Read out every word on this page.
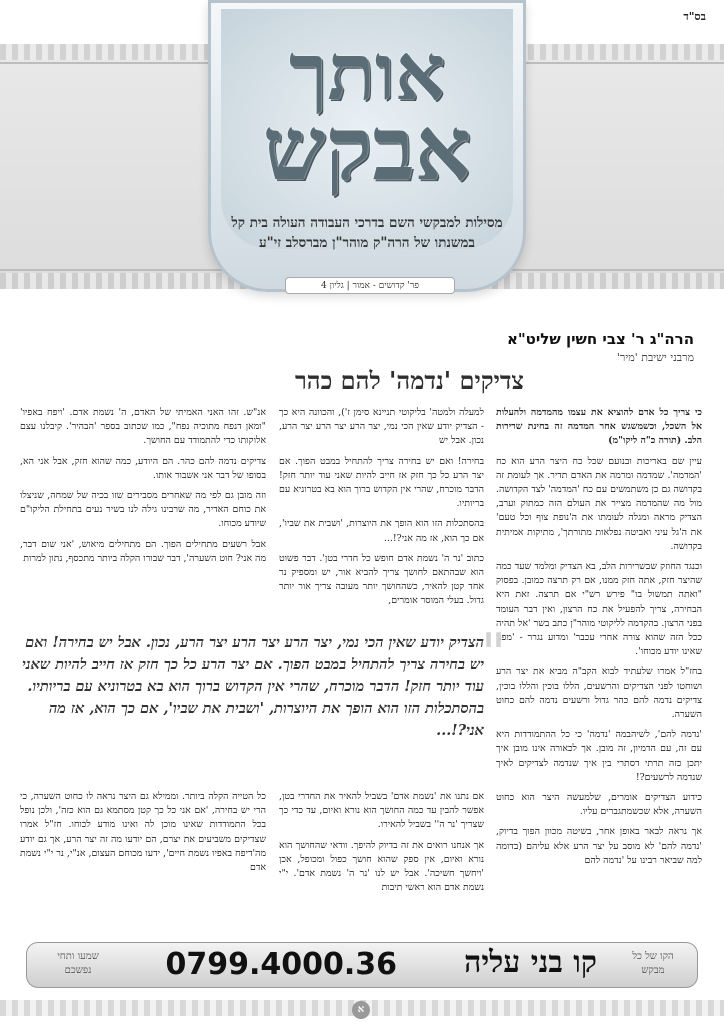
בס"ד
אותך
אבקש
מסילות למבקשי השם בדרכי העבודה העולה בית קל
במשנתו של הרה"ק מוהר"ן מברסלב זי"ע
פר' קדושים - אמור | גליון 4
הרה"ג ר' צבי חשין שליט"א
מרבני ישיבת 'מיר'
צדיקים 'נדמה' להם כהר

כי צריך כל אדם להוציא את עצמו מהמדמה ולהעלות אל השכל, וכשמשגש אחר המדמה זה בחינת שרירות הלב. (תורה כ"ה ליקו"מ)

עיין שם באריכות ובנועם שכל כח היצר הרע הוא כח 'המדמה'. שמדמה ומרמה את האדם תדיר. אך לעומת זה בקדושה גם כן משתמשים עם כח 'המדמה' לצד הקדושה. מול מה שהמדמה מצייר את העולם הזה כמתוק וערב, הצדיק מראה ומגלה לעומתו את ה'נופת צוף וכל טעם' את ה'גל עיני ואביטה נפלאות מתורתך', מתיקות אמיתית בקדושה.

וכנגד החוזק שבשרירות הלב, בא הצדיק ומלמד שעד כמה שהיצר חזק, אתה חזק ממנו, אם רק תרצה כמובן. בפסוק "ואתה תמשול בו" פירש רש"י אם תרצה. זאת היא הבחירה, צריך להפעיל את כח הרצון, ואין דבר העומד בפני הרצון. בהקדמה לליקוטי מוהר"ן כתב בשר 'אל תהיה ככל הזה שהוא צורה אחרי עכבר' ומדוע נגרר - 'מפני שאינו יודע מכוחו'.

בחז"ל אמרו שלעתיד לבוא הקב"ה מביא את יצר הרע ושוחטו לפני הצדיקים והרשעים, הללו בוכין והללו בוכין, צדיקים נדמה להם כהר גדול ורשעים נדמה להם כחוט השערה.

'נדמה להם', לשיהבמה 'נדמה' כי כל ההתמודדות היא עם זה, עם הדמיון, זה מובן. אך לכאורה אינו מובן איך יתכן כזה תרתי דסתרי בין איך שנדמה לצדיקים לאיך שנדמה לרשעים?!

כידוע הצדיקים אומרים, שלמעשה היצר הוא כחוט השערה, אלא שכשמתגברים עליו.

אך נראה לבאר באופן אחר, בשיטה מכוון הפוך בדיוק, 'נדמה להם' לא מוסב על יצר הרע אלא עליהם (בדומה למה שביאר רבינו על 'נדמה להם

למעלה ולמטה' בליקוטי תניינא סימן ז'), והכוונה היא כך - הצדיק יודע שאין הכי נמי, יצר הרע יצר הרע יצר הרע, נכון. אבל יש

בחירה! ואם יש בחירה צריך להתחיל במבט הפוך. אם יצר הרע כל כך חזק אז חייב להיות שאני עוד יותר חזק! הדבר מוכרח, שהרי אין הקדוש ברוך הוא בא בטרוניא עם בריותיו.

בהסתכלות הזו הוא הופך את היוצרות, 'ושבית את שביו', אם כך הוא, אז מה אני?!...

כתוב 'נר ה' נשמת אדם חופש כל חדרי בטן'. דבר פשוט הוא שבהתאם לחושך צריך להביא אור, יש ומספיק נר אחד קטן להאיר, כשהחושך יותר מעובה צריך אור יותר גדול. בעלי המוסר אומרים,

אנ"ש. זהו האני האמיתי של האדם, ה' נשמת אדם. 'ויפח באפיו' "ומאן דנפח מתוכיה נפח", כמו שכתוב בספר 'הבהיר'. קיבלנו עצם אלוקותו כדי להתמודד עם החושך.

צדיקים נדמה להם כהר. הם היודע, כמה שהוא חזק, אבל אני הא, בסופו של דבר אני אשבור אותו.

וזה מובן גם לפי מה שאחרים מסבירים שזו בכיה של שמחה, שניצלו את כוחם האדיר, מה שרבינו גילה לנו בשיר נעים בתחילת הליקו"ם שיודע מכוחו.

אבל רשעים מתחילים הפוך. הם מתחילים מיאוש, 'אני שום דבר, מה אני? חוט השערה', דבר שבורו הקלה ביותר מתכסף, נתון למרות

"
הצדיק יודע שאין הכי נמי, יצר הרע יצר הרע יצר הרע, נכון. אבל יש בחירה! ואם יש בחירה צריך להתחיל במבט הפוך. אם יצר הרע כל כך חזק אז חייב להיות שאני עוד יותר חזק! הדבר מוכרח, שהרי אין הקדוש ברוך הוא בא בטרוניא עם בריותיו. בהסתכלות הזו הוא הופך את היוצרות, 'ושבית את שביו', אם כך הוא, אז מה אני?!...

אם נתנו את 'נשמת אדם' בשביל להאיר את החדרי בטן, אפשר להבין עד כמה החושך הוא נורא ואיום, עד כדי כך שצריך 'נר ה'' בשביל להאירו.

אך אנחנו רואים את זה בדיוק להיפך. וודאי שהחושך הוא נורא ואיום, אין ספק שהוא חושך כפול ומכופל, אכן 'ויחשך חשיכה'. אבל יש לנו 'נר ה' נשמת אדם'. י"י נשמת אדם הוא ראשי תיבות

כל הטייה הקלה ביותר. וממילא גם היצר נראה לו כחוט השערה, כי הרי יש בחירה, 'אם אני כל כך קטן מסתמא גם הוא כזה', ולכן נופל בכל התמודדות שאינו מוכן לה ואינו מודע לכוחו. חז"ל אמרו שצדיקים משביעים את יצרם, הם יודעו מה זה יצר הרע, אך גם יודע מה'דיפח באפיו נשמת חיים', ידעו מכוחם העצום, אנ"י, נר י"י נשמת אדם

הקו של כל מבקש
קו בני עליה
0799.4000.36
שמעו ותחי נפשכם
א
